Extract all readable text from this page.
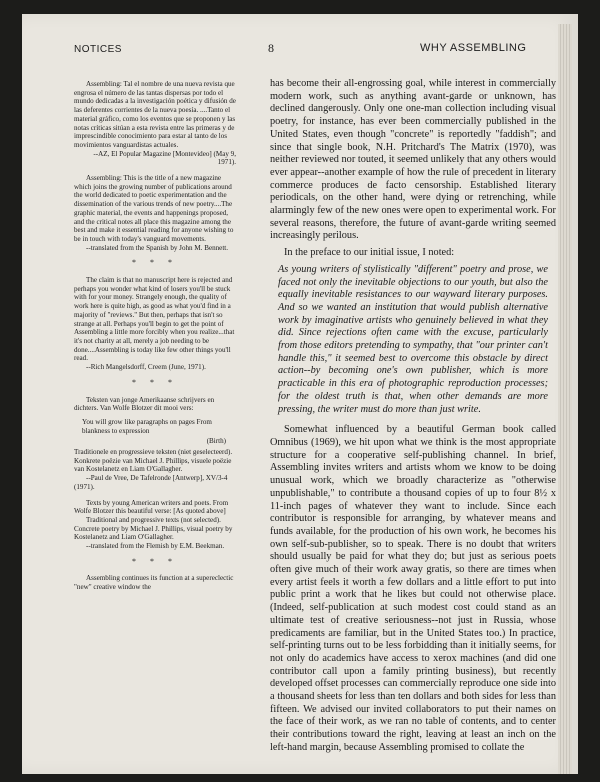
NOTICES	8	WHY ASSEMBLING

Assembling: Tal el nombre de una nueva revista que engrosa el número de las tantas dispersas por todo el mundo dedicadas a la investigación poética y difusión de las deferentes corrientes de la nueva poesía. ....Tanto el material gráfico, como los eventos que se proponen y las notas críticas sitúan a esta revista entre las primeras y de imprescindible conocimiento para estar al tanto de los movimientos vanguardistas actuales.

--AZ, El Popular Magazine [Montevideo] (May 9, 1971).

Assembling: This is the title of a new magazine which joins the growing number of publications around the world dedicated to poetic experimentation and the dissemination of the various trends of new poetry....The graphic material, the events and happenings proposed, and the critical notes all place this magazine among the best and make it essential reading for anyone wishing to be in touch with today's vanguard movements.

--translated from the Spanish by John M. Bennett.

* * *

The claim is that no manuscript here is rejected and perhaps you wonder what kind of losers you'll be stuck with for your money. Strangely enough, the quality of work here is quite high, as good as what you'd find in a majority of "reviews." But then, perhaps that isn't so strange at all. Perhaps you'll begin to get the point of Assembling a little more forcibly when you realize...that it's not charity at all, merely a job needing to be done....Assembling is today like few other things you'll read.

--Rich Mangelsdorff, Creem (June, 1971).

* * *

Teksten van jonge Amerikaanse schrijvers en dichters. Van Wolfe Blotzer dit mooi vers:

You will grow like paragraphs on pages From blankness to expression

(Birth)

Traditionele en progressieve teksten (niet geselecteerd). Konkrete poëzie van Michael J. Phillips, visuele poëzie van Kostelanetz en Liam O'Gallagher.

--Paul de Vree, De Tafelronde [Antwerp], XV/3-4 (1971).

Texts by young American writers and poets. From Wolfe Blotzer this beautiful verse: [As quoted above]

Traditional and progressive texts (not selected). Concrete poetry by Michael J. Phillips, visual poetry by Kostelanetz and Liam O'Gallagher.

--translated from the Flemish by E.M. Beekman.

* * *

Assembling continues its function at a supereclectic "new" creative window the

has become their all-engrossing goal, while interest in commercially modern work, such as anything avant-garde or unknown, has declined dangerously. Only one one-man collection including visual poetry, for instance, has ever been commercially published in the United States, even though "concrete" is reportedly "faddish"; and since that single book, N.H. Pritchard's The Matrix (1970), was neither reviewed nor touted, it seemed unlikely that any others would ever appear--another example of how the rule of precedent in literary commerce produces de facto censorship. Established literary periodicals, on the other hand, were dying or retrenching, while alarmingly few of the new ones were open to experimental work. For several reasons, therefore, the future of avant-garde writing seemed increasingly perilous.

In the preface to our initial issue, I noted:

As young writers of stylistically "different" poetry and prose, we faced not only the inevitable objections to our youth, but also the equally inevitable resistances to our wayward literary purposes. And so we wanted an institution that would publish alternative work by imaginative artists who genuinely believed in what they did. Since rejections often came with the excuse, particularly from those editors pretending to sympathy, that "our printer can't handle this," it seemed best to overcome this obstacle by direct action--by becoming one's own publisher, which is more practicable in this era of photographic reproduction processes; for the oldest truth is that, when other demands are more pressing, the writer must do more than just write.

Somewhat influenced by a beautiful German book called Omnibus (1969), we hit upon what we think is the most appropriate structure for a cooperative self-publishing channel. In brief, Assembling invites writers and artists whom we know to be doing unusual work, which we broadly characterize as "otherwise unpublishable," to contribute a thousand copies of up to four 8½ x 11-inch pages of whatever they want to include. Since each contributor is responsible for arranging, by whatever means and funds available, for the production of his own work, he becomes his own self-sub-publisher, so to speak. There is no doubt that writers should usually be paid for what they do; but just as serious poets often give much of their work away gratis, so there are times when every artist feels it worth a few dollars and a little effort to put into public print a work that he likes but could not otherwise place. (Indeed, self-publication at such modest cost could stand as an ultimate test of creative seriousness--not just in Russia, whose predicaments are familiar, but in the United States too.) In practice, self-printing turns out to be less forbidding than it initially seems, for not only do academics have access to xerox machines (and did one contributor call upon a family printing business), but recently developed offset processes can commercially reproduce one side into a thousand sheets for less than ten dollars and both sides for less than fifteen. We advised our invited collaborators to put their names on the face of their work, as we ran no table of contents, and to center their contributions toward the right, leaving at least an inch on the left-hand margin, because Assembling promised to collate the
